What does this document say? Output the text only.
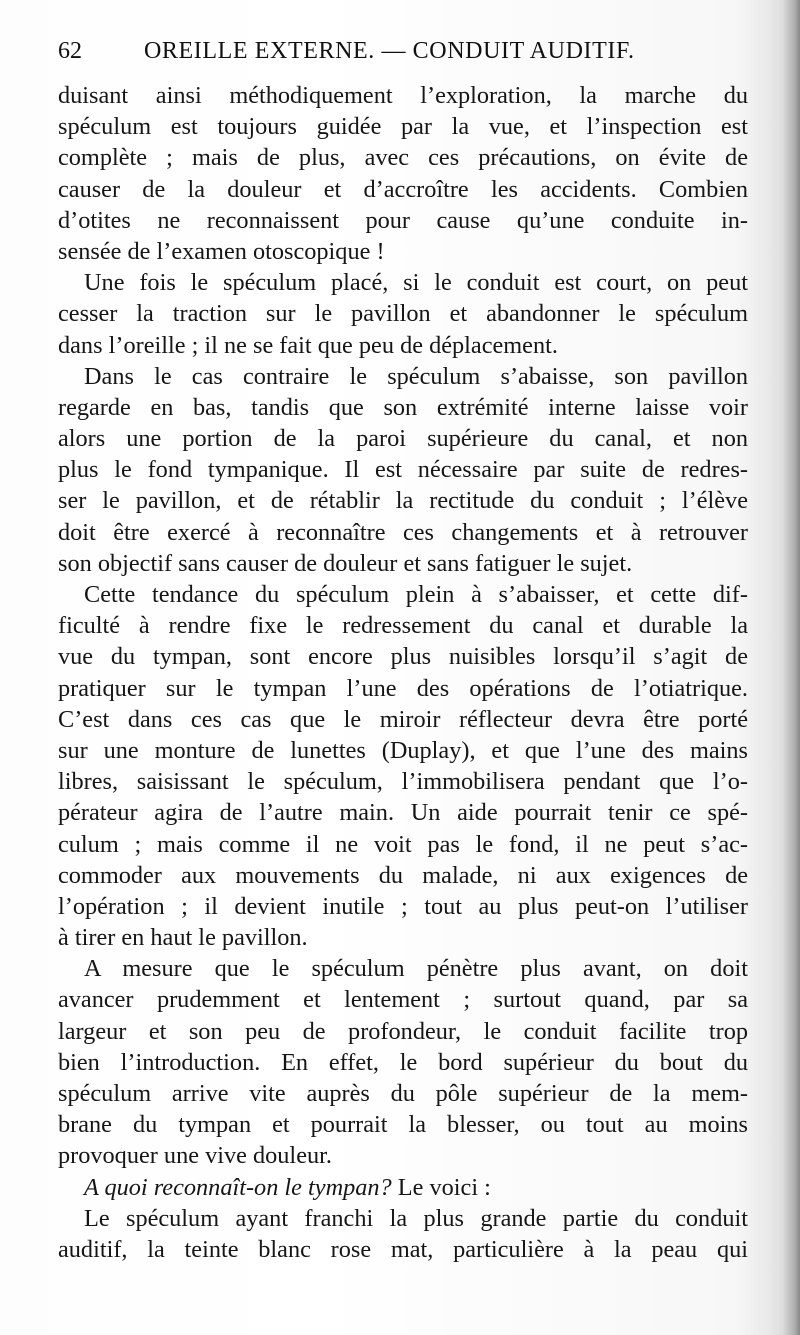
62	OREILLE EXTERNE. — CONDUIT AUDITIF.
duisant ainsi méthodiquement l’exploration, la marche du
spéculum est toujours guidée par la vue, et l’inspection est
complète ; mais de plus, avec ces précautions, on évite de
causer de la douleur et d’accroître les accidents. Combien
d’otites ne reconnaissent pour cause qu’une conduite in-
sensée de l’examen otoscopique !
Une fois le spéculum placé, si le conduit est court, on peut
cesser la traction sur le pavillon et abandonner le spéculum
dans l’oreille ; il ne se fait que peu de déplacement.
Dans le cas contraire le spéculum s’abaisse, son pavillon
regarde en bas, tandis que son extrémité interne laisse voir
alors une portion de la paroi supérieure du canal, et non
plus le fond tympanique. Il est nécessaire par suite de redres-
ser le pavillon, et de rétablir la rectitude du conduit ; l’élève
doit être exercé à reconnaître ces changements et à retrouver
son objectif sans causer de douleur et sans fatiguer le sujet.
Cette tendance du spéculum plein à s’abaisser, et cette dif-
ficulté à rendre fixe le redressement du canal et durable la
vue du tympan, sont encore plus nuisibles lorsqu’il s’agit de
pratiquer sur le tympan l’une des opérations de l’otiatrique.
C’est dans ces cas que le miroir réflecteur devra être porté
sur une monture de lunettes (Duplay), et que l’une des mains
libres, saisissant le spéculum, l’immobilisera pendant que l’o-
pérateur agira de l’autre main. Un aide pourrait tenir ce spé-
culum ; mais comme il ne voit pas le fond, il ne peut s’ac-
commoder aux mouvements du malade, ni aux exigences de
l’opération ; il devient inutile ; tout au plus peut-on l’utiliser
à tirer en haut le pavillon.
A mesure que le spéculum pénètre plus avant, on doit
avancer prudemment et lentement ; surtout quand, par sa
largeur et son peu de profondeur, le conduit facilite trop
bien l’introduction. En effet, le bord supérieur du bout du
spéculum arrive vite auprès du pôle supérieur de la mem-
brane du tympan et pourrait la blesser, ou tout au moins
provoquer une vive douleur.
A quoi reconnaît-on le tympan? Le voici :
Le spéculum ayant franchi la plus grande partie du conduit
auditif, la teinte blanc rose mat, particulière à la peau qui
